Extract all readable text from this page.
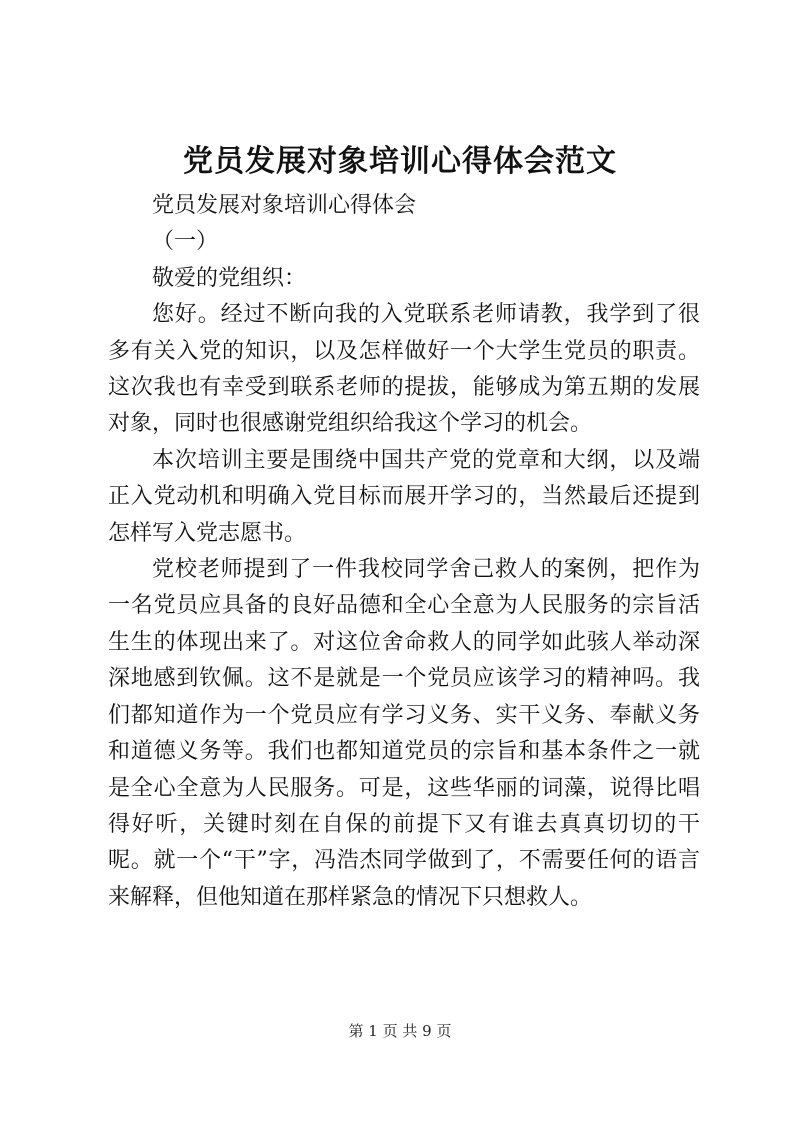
党员发展对象培训心得体会范文

党员发展对象培训心得体会

（一）

敬爱的党组织：

您好。经过不断向我的入党联系老师请教，我学到了很多有关入党的知识，以及怎样做好一个大学生党员的职责。这次我也有幸受到联系老师的提拔，能够成为第五期的发展对象，同时也很感谢党组织给我这个学习的机会。

本次培训主要是围绕中国共产党的党章和大纲，以及端正入党动机和明确入党目标而展开学习的，当然最后还提到怎样写入党志愿书。

党校老师提到了一件我校同学舍己救人的案例，把作为一名党员应具备的良好品德和全心全意为人民服务的宗旨活生生的体现出来了。对这位舍命救人的同学如此骇人举动深深地感到钦佩。这不是就是一个党员应该学习的精神吗。我们都知道作为一个党员应有学习义务、实干义务、奉献义务和道德义务等。我们也都知道党员的宗旨和基本条件之一就是全心全意为人民服务。可是，这些华丽的词藻，说得比唱得好听，关键时刻在自保的前提下又有谁去真真切切的干呢。就一个“干”字，冯浩杰同学做到了，不需要任何的语言来解释，但他知道在那样紧急的情况下只想救人。

第 1 页 共 9 页
